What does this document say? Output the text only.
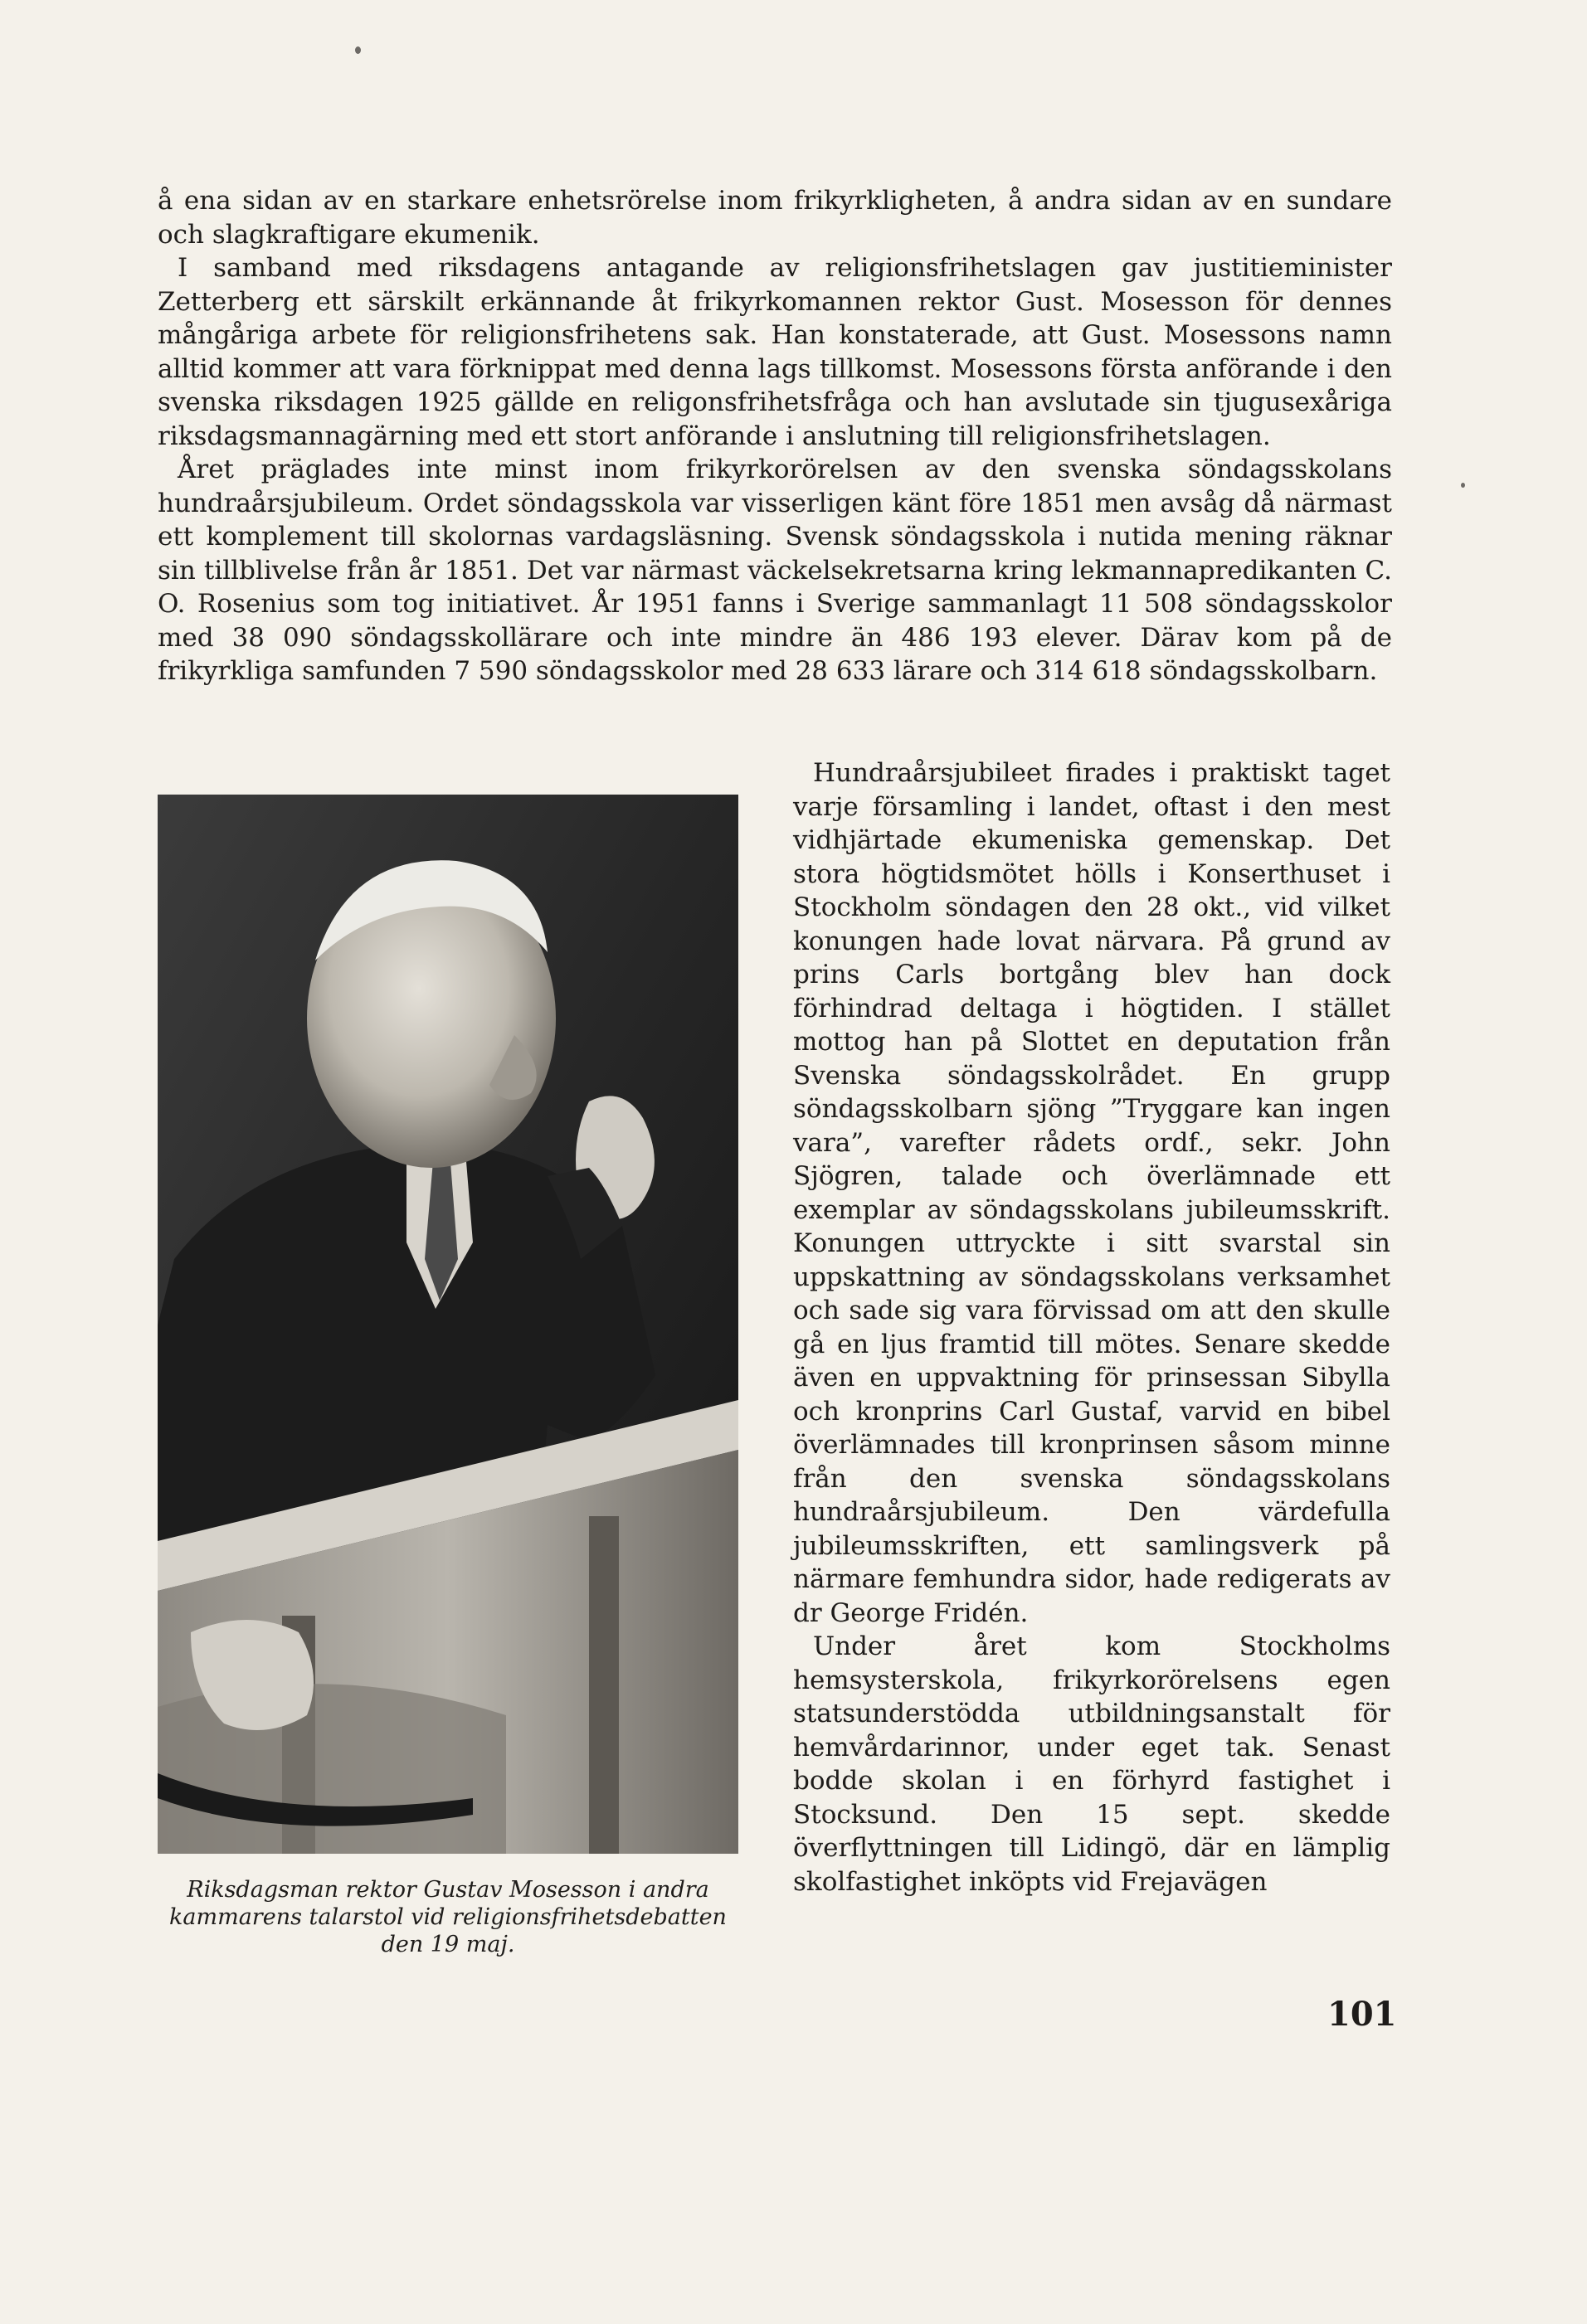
å ena sidan av en starkare enhetsrörelse inom frikyrkligheten, å andra sidan av en sundare och slagkraftigare ekumenik.

I samband med riksdagens antagande av religionsfrihetslagen gav justitieminister Zetterberg ett särskilt erkännande åt frikyrkomannen rektor Gust. Mosesson för dennes mångåriga arbete för religionsfrihetens sak. Han konstaterade, att Gust. Mosessons namn alltid kommer att vara förknippat med denna lags tillkomst. Mosessons första anförande i den svenska riksdagen 1925 gällde en religonsfrihetsfråga och han avslutade sin tjugusexåriga riksdagsmannagärning med ett stort anförande i anslutning till religionsfrihetslagen.

Året präglades inte minst inom frikyrkorörelsen av den svenska söndagsskolans hundraårsjubileum. Ordet söndagsskola var visserligen känt före 1851 men avsåg då närmast ett komplement till skolornas vardagsläsning. Svensk söndagsskola i nutida mening räknar sin tillblivelse från år 1851. Det var närmast väckelsekretsarna kring lekmannapredikanten C. O. Rosenius som tog initiativet. År 1951 fanns i Sverige sammanlagt 11 508 söndagsskolor med 38 090 söndagsskollärare och inte mindre än 486 193 elever. Därav kom på de frikyrkliga samfunden 7 590 söndagsskolor med 28 633 lärare och 314 618 söndagsskolbarn.

Riksdagsman rektor Gustav Mosesson i andra kammarens talarstol vid religionsfrihetsdebatten den 19 maj.

Hundraårsjubileet firades i praktiskt taget varje församling i landet, oftast i den mest vidhjärtade ekumeniska gemenskap. Det stora högtidsmötet hölls i Konserthuset i Stockholm söndagen den 28 okt., vid vilket konungen hade lovat närvara. På grund av prins Carls bortgång blev han dock förhindrad deltaga i högtiden. I stället mottog han på Slottet en deputation från Svenska söndagsskolrådet. En grupp söndagsskolbarn sjöng ”Tryggare kan ingen vara”, varefter rådets ordf., sekr. John Sjögren, talade och överlämnade ett exemplar av söndagsskolans jubileumsskrift. Konungen uttryckte i sitt svarstal sin uppskattning av söndagsskolans verksamhet och sade sig vara förvissad om att den skulle gå en ljus framtid till mötes. Senare skedde även en uppvaktning för prinsessan Sibylla och kronprins Carl Gustaf, varvid en bibel överlämnades till kronprinsen såsom minne från den svenska söndagsskolans hundraårsjubileum. Den värdefulla jubileumsskriften, ett samlingsverk på närmare femhundra sidor, hade redigerats av dr George Fridén.

Under året kom Stockholms hemsysterskola, frikyrkorörelsens egen statsunderstödda utbildningsanstalt för hemvårdarinnor, under eget tak. Senast bodde skolan i en förhyrd fastighet i Stocksund. Den 15 sept. skedde överflyttningen till Lidingö, där en lämplig skolfastighet inköpts vid Frejavägen

101
